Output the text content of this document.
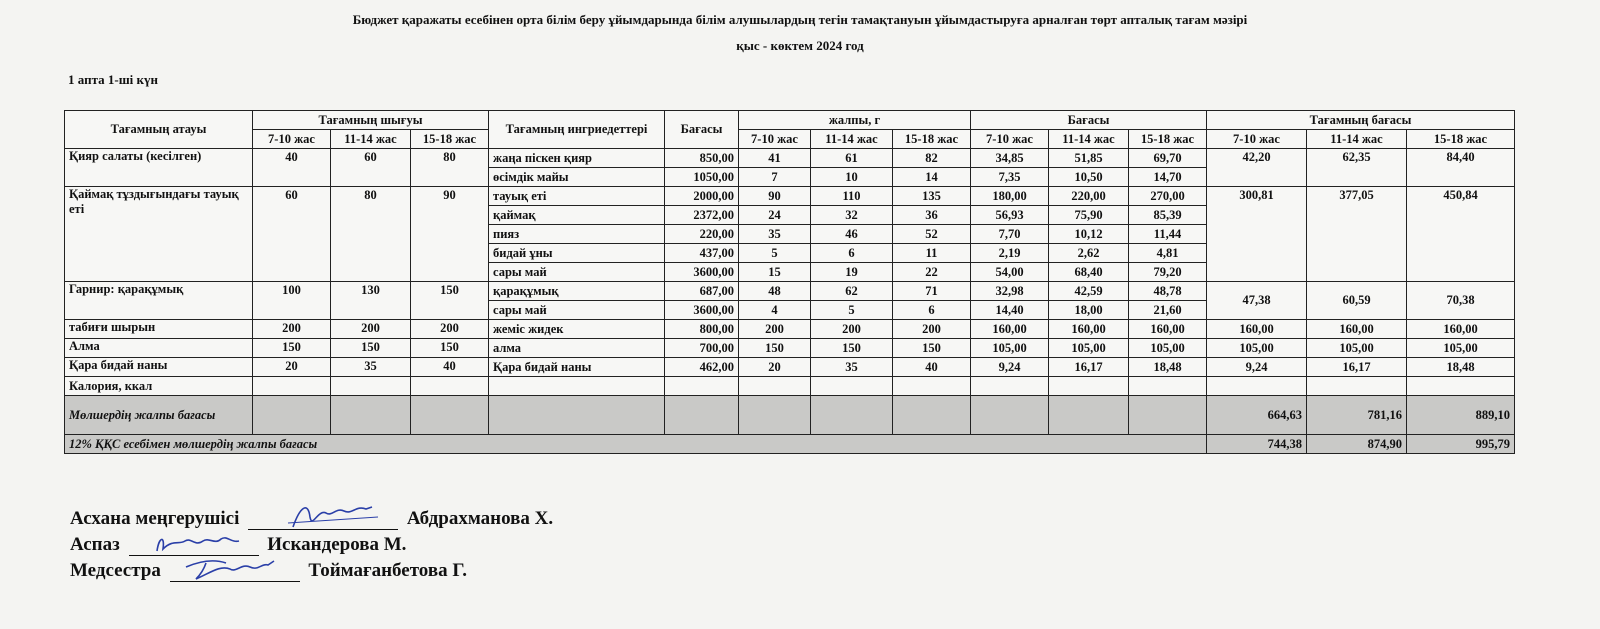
Бюджет қаражаты есебінен орта білім беру ұйымдарында білім алушылардың тегін тамақтануын ұйымдастыруға арналған төрт апталық тағам мәзірі
қыс - көктем 2024 год
1 апта 1-ші күн
Тағамның атауы	Тағамның шығуы			Тағамның ингриедеттері	Бағасы	жалпы, г			Бағасы			Тағамның бағасы		
	7-10 жас	11-14 жас	15-18 жас			7-10 жас	11-14 жас	15-18 жас	7-10 жас	11-14 жас	15-18 жас	7-10 жас	11-14 жас	15-18 жас
Қияр салаты (кесілген)	40	60	80	жаңа піскен қияр	850,00	41	61	82	34,85	51,85	69,70	42,20	62,35	84,40
				өсімдік майы	1050,00	7	10	14	7,35	10,50	14,70			
Қаймақ тұздығындағы тауық еті	60	80	90	тауық еті	2000,00	90	110	135	180,00	220,00	270,00	300,81	377,05	450,84
				қаймақ	2372,00	24	32	36	56,93	75,90	85,39			
				пияз	220,00	35	46	52	7,70	10,12	11,44			
				бидай ұны	437,00	5	6	11	2,19	2,62	4,81			
				сары май	3600,00	15	19	22	54,00	68,40	79,20			
Гарнир: қарақұмық	100	130	150	қарақұмық	687,00	48	62	71	32,98	42,59	48,78	47,38	60,59	70,38
				сары май	3600,00	4	5	6	14,40	18,00	21,60			
табиғи шырын	200	200	200	жеміс жидек	800,00	200	200	200	160,00	160,00	160,00	160,00	160,00	160,00
Алма	150	150	150	алма	700,00	150	150	150	105,00	105,00	105,00	105,00	105,00	105,00
Қара бидай наны	20	35	40	Қара бидай наны	462,00	20	35	40	9,24	16,17	18,48	9,24	16,17	18,48
Калория, ккал														
Мөлшердің жалпы бағасы												664,63	781,16	889,10
12% ҚҚС есебімен мөлшердің жалпы бағасы												744,38	874,90	995,79
Асхана меңгерушісі	Абдрахманова Х.
Аспаз	Искандерова М.
Медсестра	Тоймағанбетова Г.
